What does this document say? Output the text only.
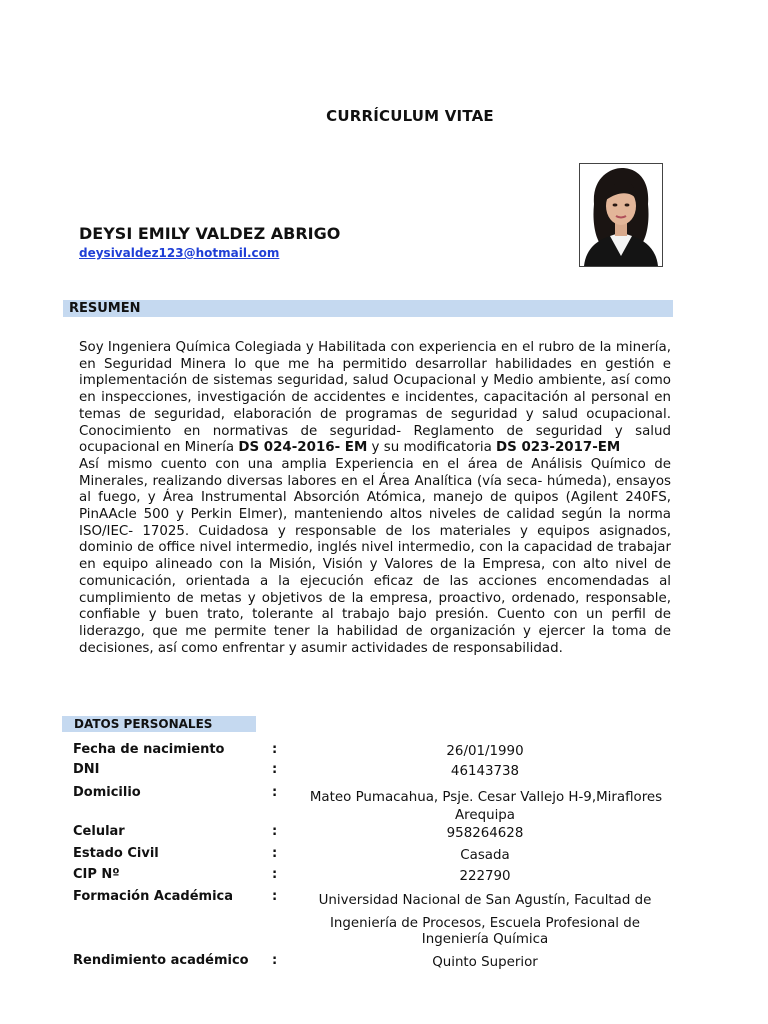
CURRÍCULUM VITAE
DEYSI EMILY VALDEZ ABRIGO
deysivaldez123@hotmail.com
RESUMEN

Soy Ingeniera Química Colegiada y Habilitada con experiencia en el rubro de la minería, en Seguridad Minera lo que me ha permitido desarrollar habilidades en gestión e implementación de sistemas seguridad, salud Ocupacional y Medio ambiente, así como en inspecciones, investigación de accidentes e incidentes, capacitación al personal en temas de seguridad, elaboración de programas de seguridad y salud ocupacional. Conocimiento en normativas de seguridad- Reglamento de seguridad y salud ocupacional en Minería DS 024-2016- EM y su modificatoria DS 023-2017-EM

Así mismo cuento con una amplia Experiencia en el área de Análisis Químico de Minerales, realizando diversas labores en el Área Analítica (vía seca- húmeda), ensayos al fuego, y Área Instrumental Absorción Atómica, manejo de quipos (Agilent 240FS, PinAAcle 500 y Perkin Elmer), manteniendo altos niveles de calidad según la norma ISO/IEC- 17025. Cuidadosa y responsable de los materiales y equipos asignados, dominio de office nivel intermedio, inglés nivel intermedio, con la capacidad de trabajar en equipo alineado con la Misión, Visión y Valores de la Empresa, con alto nivel de comunicación, orientada a la ejecución eficaz de las acciones encomendadas al cumplimiento de metas y objetivos de la empresa, proactivo, ordenado, responsable, confiable y buen trato, tolerante al trabajo bajo presión. Cuento con un perfil de liderazgo, que me permite tener la habilidad de organización y ejercer la toma de decisiones, así como enfrentar y asumir actividades de responsabilidad.

DATOS PERSONALES
Fecha de nacimiento	:	26/01/1990
DNI	:	46143738
Domicilio	:	Mateo Pumacahua, Psje. Cesar Vallejo H-9,Miraflores
Arequipa
Celular	:	958264628
Estado Civil	:	Casada
CIP Nº	:	222790
Formación Académica	:	Universidad Nacional de San Agustín, Facultad de
Ingeniería de Procesos, Escuela Profesional de
Ingeniería Química
Rendimiento académico :	Quinto Superior
